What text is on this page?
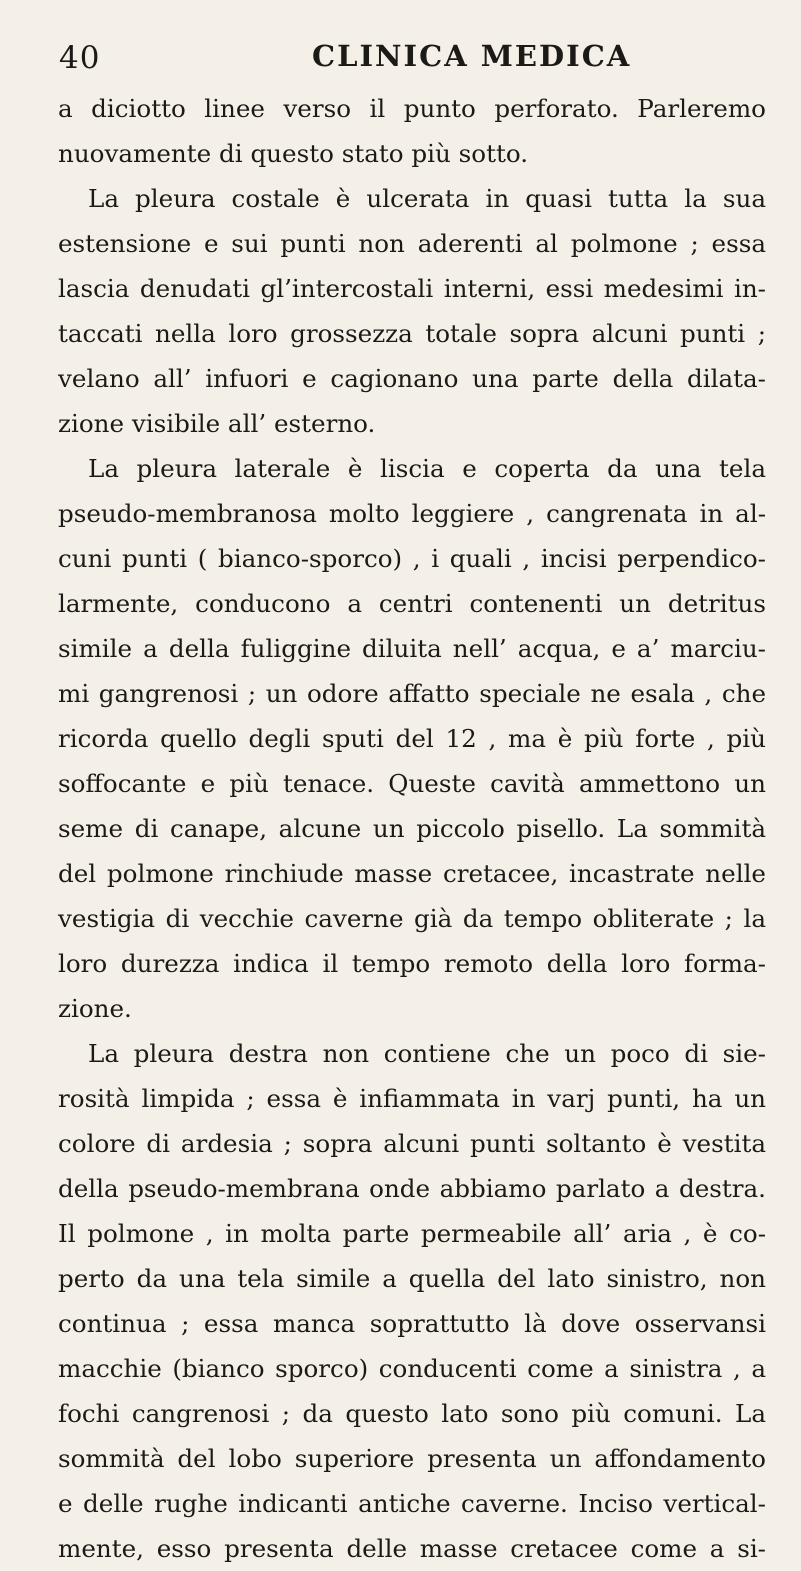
40	CLINICA MEDICA
a diciotto linee verso il punto perforato. Parleremo
nuovamente di questo stato più sotto.
La pleura costale è ulcerata in quasi tutta la sua
estensione e sui punti non aderenti al polmone ; essa
lascia denudati gl’intercostali interni, essi medesimi in-
taccati nella loro grossezza totale sopra alcuni punti ;
velano all’ infuori e cagionano una parte della dilata-
zione visibile all’ esterno.
La pleura laterale è liscia e coperta da una tela
pseudo-membranosa molto leggiere , cangrenata in al-
cuni punti ( bianco-sporco) , i quali , incisi perpendico-
larmente, conducono a centri contenenti un detritus
simile a della fuliggine diluita nell’ acqua, e a’ marciu-
mi gangrenosi ; un odore affatto speciale ne esala , che
ricorda quello degli sputi del 12 , ma è più forte , più
soffocante e più tenace. Queste cavità ammettono un
seme di canape, alcune un piccolo pisello. La sommità
del polmone rinchiude masse cretacee, incastrate nelle
vestigia di vecchie caverne già da tempo obliterate ; la
loro durezza indica il tempo remoto della loro forma-
zione.
La pleura destra non contiene che un poco di sie-
rosità limpida ; essa è infiammata in varj punti, ha un
colore di ardesia ; sopra alcuni punti soltanto è vestita
della pseudo-membrana onde abbiamo parlato a destra.
Il polmone , in molta parte permeabile all’ aria , è co-
perto da una tela simile a quella del lato sinistro, non
continua ; essa manca soprattutto là dove osservansi
macchie (bianco sporco) conducenti come a sinistra , a
fochi cangrenosi ; da questo lato sono più comuni. La
sommità del lobo superiore presenta un affondamento
e delle rughe indicanti antiche caverne. Inciso vertical-
mente, esso presenta delle masse cretacee come a si-
